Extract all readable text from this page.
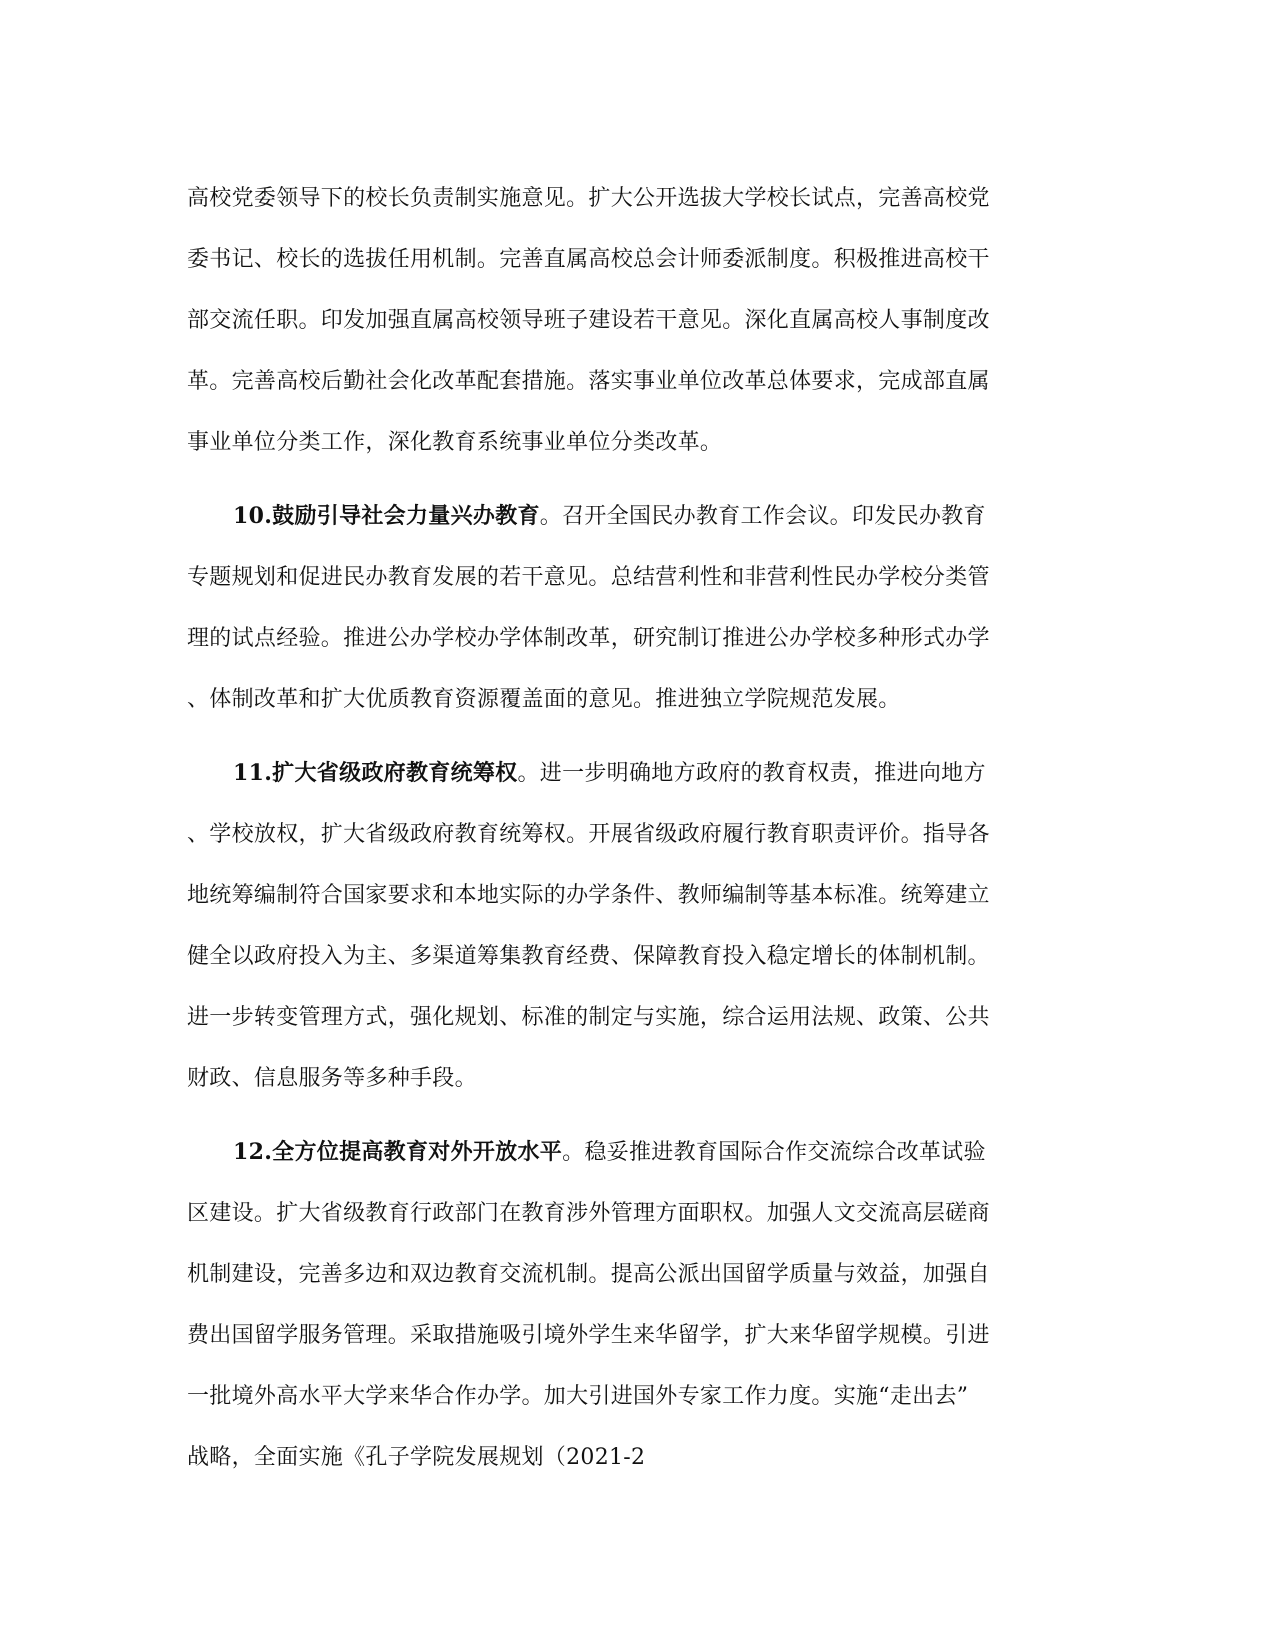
高校党委领导下的校长负责制实施意见。扩大公开选拔大学校长试点，完善高校党
委书记、校长的选拔任用机制。完善直属高校总会计师委派制度。积极推进高校干
部交流任职。印发加强直属高校领导班子建设若干意见。深化直属高校人事制度改
革。完善高校后勤社会化改革配套措施。落实事业单位改革总体要求，完成部直属
事业单位分类工作，深化教育系统事业单位分类改革。
10.鼓励引导社会力量兴办教育。召开全国民办教育工作会议。印发民办教育
专题规划和促进民办教育发展的若干意见。总结营利性和非营利性民办学校分类管
理的试点经验。推进公办学校办学体制改革，研究制订推进公办学校多种形式办学
、体制改革和扩大优质教育资源覆盖面的意见。推进独立学院规范发展。
11.扩大省级政府教育统筹权。进一步明确地方政府的教育权责，推进向地方
、学校放权，扩大省级政府教育统筹权。开展省级政府履行教育职责评价。指导各
地统筹编制符合国家要求和本地实际的办学条件、教师编制等基本标准。统筹建立
健全以政府投入为主、多渠道筹集教育经费、保障教育投入稳定增长的体制机制。
进一步转变管理方式，强化规划、标准的制定与实施，综合运用法规、政策、公共
财政、信息服务等多种手段。
12.全方位提高教育对外开放水平。稳妥推进教育国际合作交流综合改革试验
区建设。扩大省级教育行政部门在教育涉外管理方面职权。加强人文交流高层磋商
机制建设，完善多边和双边教育交流机制。提高公派出国留学质量与效益，加强自
费出国留学服务管理。采取措施吸引境外学生来华留学，扩大来华留学规模。引进
一批境外高水平大学来华合作办学。加大引进国外专家工作力度。实施“走出去”
战略，全面实施《孔子学院发展规划（2021-2
